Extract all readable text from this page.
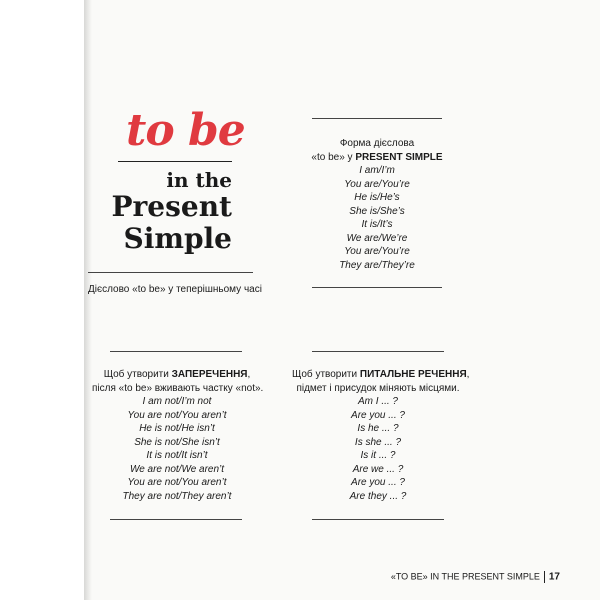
to be
in the
Present
Simple
Дієслово «to be» у теперішньому часі
Форма дієслова
«to be» у PRESENT SIMPLE
I am/I’m
You are/You’re
He is/He’s
She is/She’s
It is/It’s
We are/We’re
You are/You’re
They are/They’re
Щоб утворити ЗАПЕРЕЧЕННЯ,
після «to be» вживають частку «not».
I am not/I’m not
You are not/You aren’t
He is not/He isn’t
She is not/She isn’t
It is not/It isn’t
We are not/We aren’t
You are not/You aren’t
They are not/They aren’t
Щоб утворити ПИТАЛЬНЕ РЕЧЕННЯ,
підмет і присудок міняють місцями.
Am I ... ?
Are you ... ?
Is he ... ?
Is she ... ?
Is it ... ?
Are we ... ?
Are you ... ?
Are they ... ?
«TO BE» IN THE PRESENT SIMPLE 17
